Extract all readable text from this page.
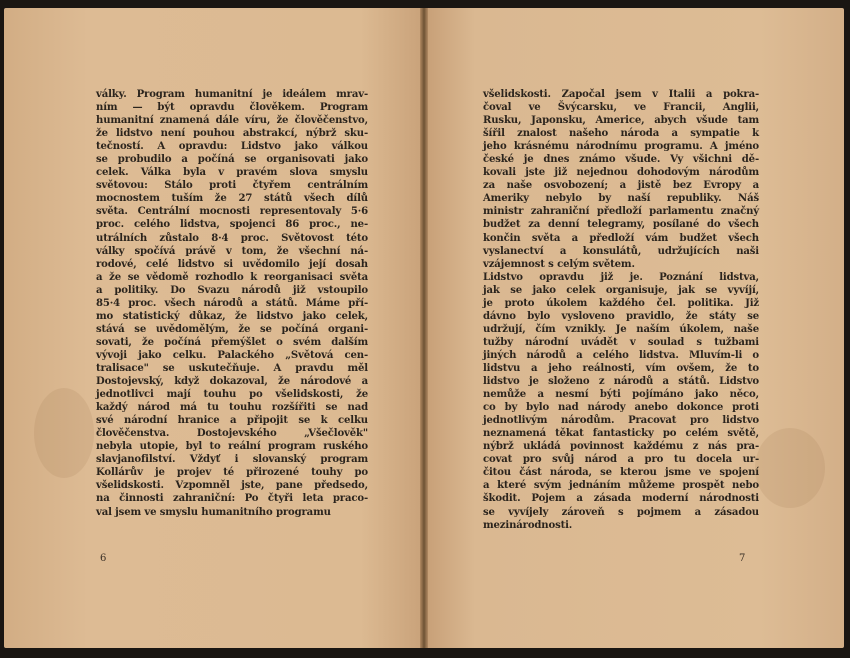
války. Program humanitní je ideálem mrav-
ním — být opravdu člověkem. Program
humanitní znamená dále víru, že člověčenstvo,
že lidstvo není pouhou abstrakcí, nýbrž sku-
tečností. A opravdu: Lidstvo jako válkou
se probudilo a počíná se organisovati jako
celek. Válka byla v pravém slova smyslu
světovou: Stálo proti čtyřem centrálním
mocnostem tuším že 27 států všech dílů
světa. Centrální mocnosti representovaly 5·6
proc. celého lidstva, spojenci 86 proc., ne-
utrálních zůstalo 8·4 proc. Světovost této
války spočívá právě v tom, že všechní ná-
rodové, celé lidstvo si uvědomilo její dosah
a že se vědomě rozhodlo k reorganisaci světa
a politiky. Do Svazu národů již vstoupilo
85·4 proc. všech národů a států. Máme pří-
mo statistický důkaz, že lidstvo jako celek,
stává se uvědomělým, že se počíná organi-
sovati, že počíná přemýšlet o svém dalším
vývoji jako celku. Palackého „Světová cen-
tralisace" se uskutečňuje. A pravdu měl
Dostojevský, když dokazoval, že národové a
jednotlivci mají touhu po všelidskosti, že
každý národ má tu touhu rozšířiti se nad
své národní hranice a připojit se k celku
člověčenstva. Dostojevského „Všečlověk"
nebyla utopie, byl to reální program ruského
slavjanofilství. Vždyť i slovanský program
Kollárův je projev té přirozené touhy po
všelidskosti. Vzpomněl jste, pane předsedo,
na činnosti zahraniční: Po čtyři leta praco-
val jsem ve smyslu humanitního programu
6
všelidskosti. Započal jsem v Italii a pokra-
čoval ve Švýcarsku, ve Francii, Anglii,
Rusku, Japonsku, Americe, abych všude tam
šířil znalost našeho národa a sympatie k
jeho krásnému národnímu programu. A jméno
české je dnes známo všude. Vy všichni dě-
kovali jste již nejednou dohodovým národům
za naše osvobození; a jistě bez Evropy a
Ameriky nebylo by naší republiky. Náš
ministr zahraniční předloží parlamentu značný
budžet za denní telegramy, posílané do všech
končin světa a předloží vám budžet všech
vyslanectví a konsulátů, udržujících naši
vzájemnost s celým světem.
Lidstvo opravdu již je. Poznání lidstva,
jak se jako celek organisuje, jak se vyvíjí,
je proto úkolem každého čel. politika. Již
dávno bylo vysloveno pravidlo, že státy se
udržují, čím vznikly. Je naším úkolem, naše
tužby národní uvádět v soulad s tužbami
jiných národů a celého lidstva. Mluvím-li o
lidstvu a jeho reálnosti, vím ovšem, že to
lidstvo je složeno z národů a států. Lidstvo
nemůže a nesmí býti pojímáno jako něco,
co by bylo nad národy anebo dokonce proti
jednotlivým národům. Pracovat pro lidstvo
neznamená těkat fantasticky po celém světě,
nýbrž ukládá povinnost každému z nás pra-
covat pro svůj národ a pro tu docela ur-
čitou část národa, se kterou jsme ve spojení
a které svým jednáním můžeme prospět nebo
škodit. Pojem a zásada moderní národnosti
se vyvíjely zároveň s pojmem a zásadou
mezinárodnosti.
7
